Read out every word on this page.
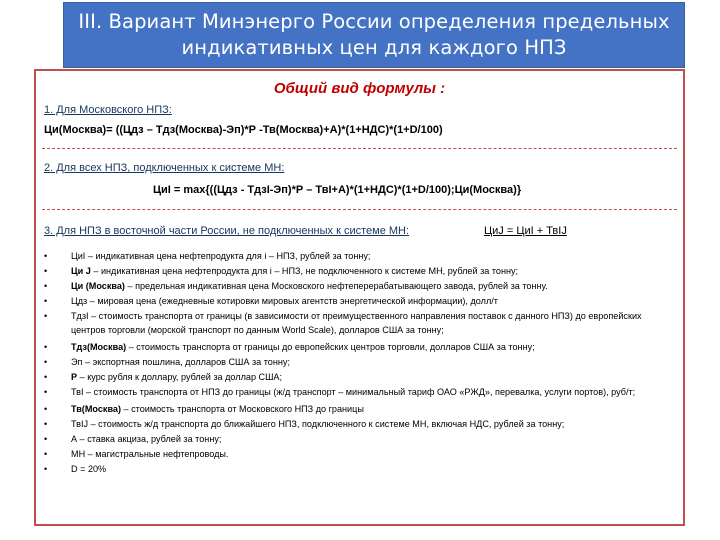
III. Вариант Минэнерго России определения предельных
индикативных цен для каждого НПЗ
Общий вид формулы :
1. Для Московского НПЗ:
Ци(Москва)= ((Цдз – Тдз(Москва)-Эп)*Р -Тв(Москва)+А)*(1+НДС)*(1+D/100)
2. Для всех НПЗ, подключенных к системе МН:
ЦиI = max{((Цдз - ТдзI-Эп)*Р – ТвI+А)*(1+НДС)*(1+D/100);Ци(Москва)}
3. Для НПЗ в восточной части России, не подключенных к системе МН:	ЦиJ = ЦиI + ТвIJ
•	ЦиI – индикативная цена нефтепродукта для i – НПЗ, рублей за тонну;
•	Ци J – индикативная цена нефтепродукта для i – НПЗ, не подключенного к системе МН, рублей за тонну;
•	Ци (Москва) – предельная индикативная цена Московского нефтеперерабатывающего завода, рублей за тонну.
•	Цдз – мировая цена (ежедневные котировки мировых агентств энергетической информации), долл/т
•	ТдзI – стоимость транспорта от границы (в зависимости от преимущественного направления поставок с данного НПЗ) до европейских центров торговли (морской транспорт по данным World Scale), долларов США за тонну;
•	Тдз(Москва) – стоимость транспорта от границы до европейских центров торговли, долларов США за тонну;
•	Эп – экспортная пошлина, долларов США за тонну;
•	Р – курс рубля к доллару, рублей за доллар США;
•	ТвI – стоимость транспорта от НПЗ до границы (ж/д транспорт – минимальный тариф ОАО «РЖД», перевалка, услуги портов), руб/т;
•	Тв(Москва) – стоимость транспорта от Московского НПЗ до границы
•	ТвIJ – стоимость ж/д транспорта до ближайшего НПЗ, подключенного к системе МН, включая НДС, рублей за тонну;
•	А – ставка акциза, рублей за тонну;
•	МН – магистральные нефтепроводы.
•	D = 20%
